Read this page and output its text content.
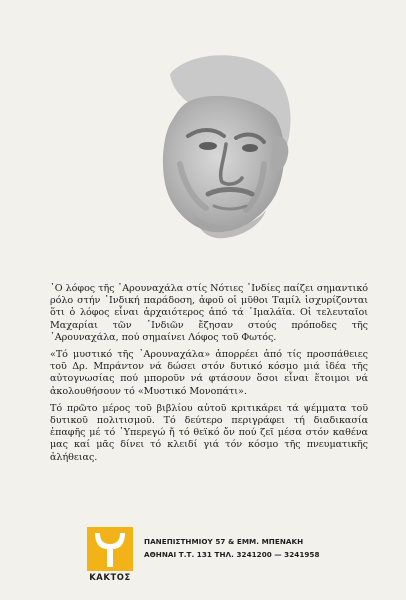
῾Ο λόφος τῆς ᾿Αρουναχάλα στίς Νότιες ᾿Ινδίες παίζει σημαντικό ρόλο στήν ᾿Ινδική παράδοση, ἀφοῦ οἱ μῦθοι Ταμίλ ἰσχυρίζονται ὅτι ὁ λόφος εἶναι ἀρχαιότερος ἀπό τά ῾Ιμαλάϊα. Οἱ τελευταῖοι Μαχαρίαι τῶν ᾿Ινδιῶν ἔζησαν στούς πρόποδες τῆς ᾿Αρουναχάλα, πού σημαίνει Λόφος τοῦ Φωτός.

«Τό μυστικό τῆς ᾿Αρουναχάλα» ἀπορρέει ἀπό τίς προσπάθειες τοῦ Δρ. Μπράντον νά δώσει στόν δυτικό κόσμο μιά ἰδέα τῆς αὐτογνωσίας πού μποροῦν νά φτάσουν ὅσοι εἶναι ἕτοιμοι νά ἀκολουθήσουν τό «Μυστικό Μονοπάτι».

Τό πρῶτο μέρος τοῦ βιβλίου αὐτοῦ κριτικάρει τά ψέμματα τοῦ δυτικοῦ πολιτισμοῦ. Τό δεύτερο περιγράφει τή διαδικασία ἐπαφῆς μέ τό ῾Υπερεγώ ἤ τό θεϊκό ὄν πού ζεῖ μέσα στόν καθένα μας καί μᾶς δίνει τό κλειδί γιά τόν κόσμο τῆς πνευματικῆς ἀλήθειας.

ΚΑΚΤΟΣ
ΠΑΝΕΠΙΣΤΗΜΙΟΥ 57 & ΕΜΜ. ΜΠΕΝΑΚΗ
ΑΘΗΝΑΙ Τ.Τ. 131 ΤΗΛ. 3241200 — 3241958
